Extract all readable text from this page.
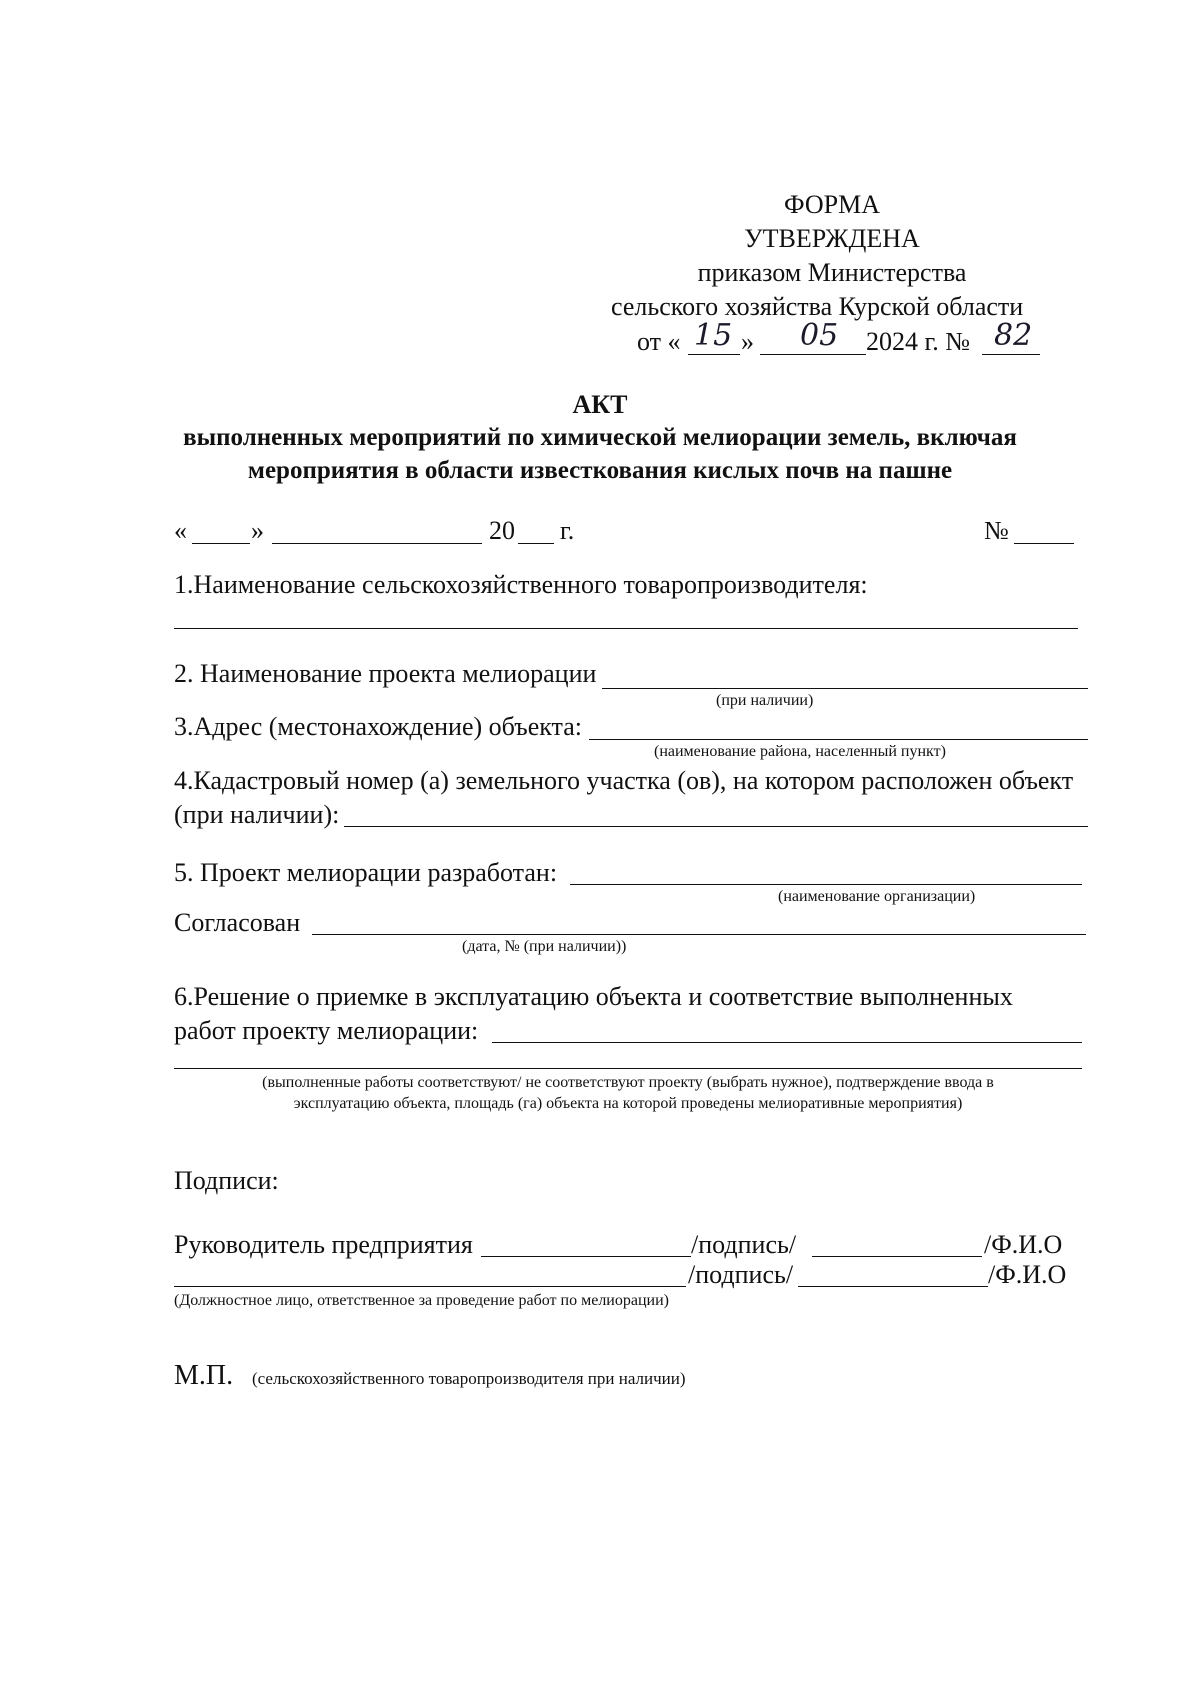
ФОРМА
УТВЕРЖДЕНА
приказом Министерства
сельского хозяйства Курской области
от « 15 » 05 2024 г. № 82
АКТ
выполненных мероприятий по химической мелиорации земель, включая
мероприятия в области известкования кислых почв на пашне
« »	20 г.	№
1.Наименование сельскохозяйственного товаропроизводителя:
2. Наименование проекта мелиорации
(при наличии)
3.Адрес (местонахождение) объекта:
(наименование района, населенный пункт)
4.Кадастровый номер (а) земельного участка (ов), на котором расположен объект
(при наличии):
5. Проект мелиорации разработан:
(наименование организации)
Согласован
(дата, № (при наличии))
6.Решение о приемке в эксплуатацию объекта и соответствие выполненных
работ проекту мелиорации:
(выполненные работы соответствуют/ не соответствуют проекту (выбрать нужное), подтверждение ввода в
эксплуатацию объекта, площадь (га) объекта на которой проведены мелиоративные мероприятия)
Подписи:
Руководитель предприятия	/подпись/	/Ф.И.О
/подпись/	/Ф.И.О
(Должностное лицо, ответственное за проведение работ по мелиорации)
М.П. (сельскохозяйственного товаропроизводителя при наличии)
